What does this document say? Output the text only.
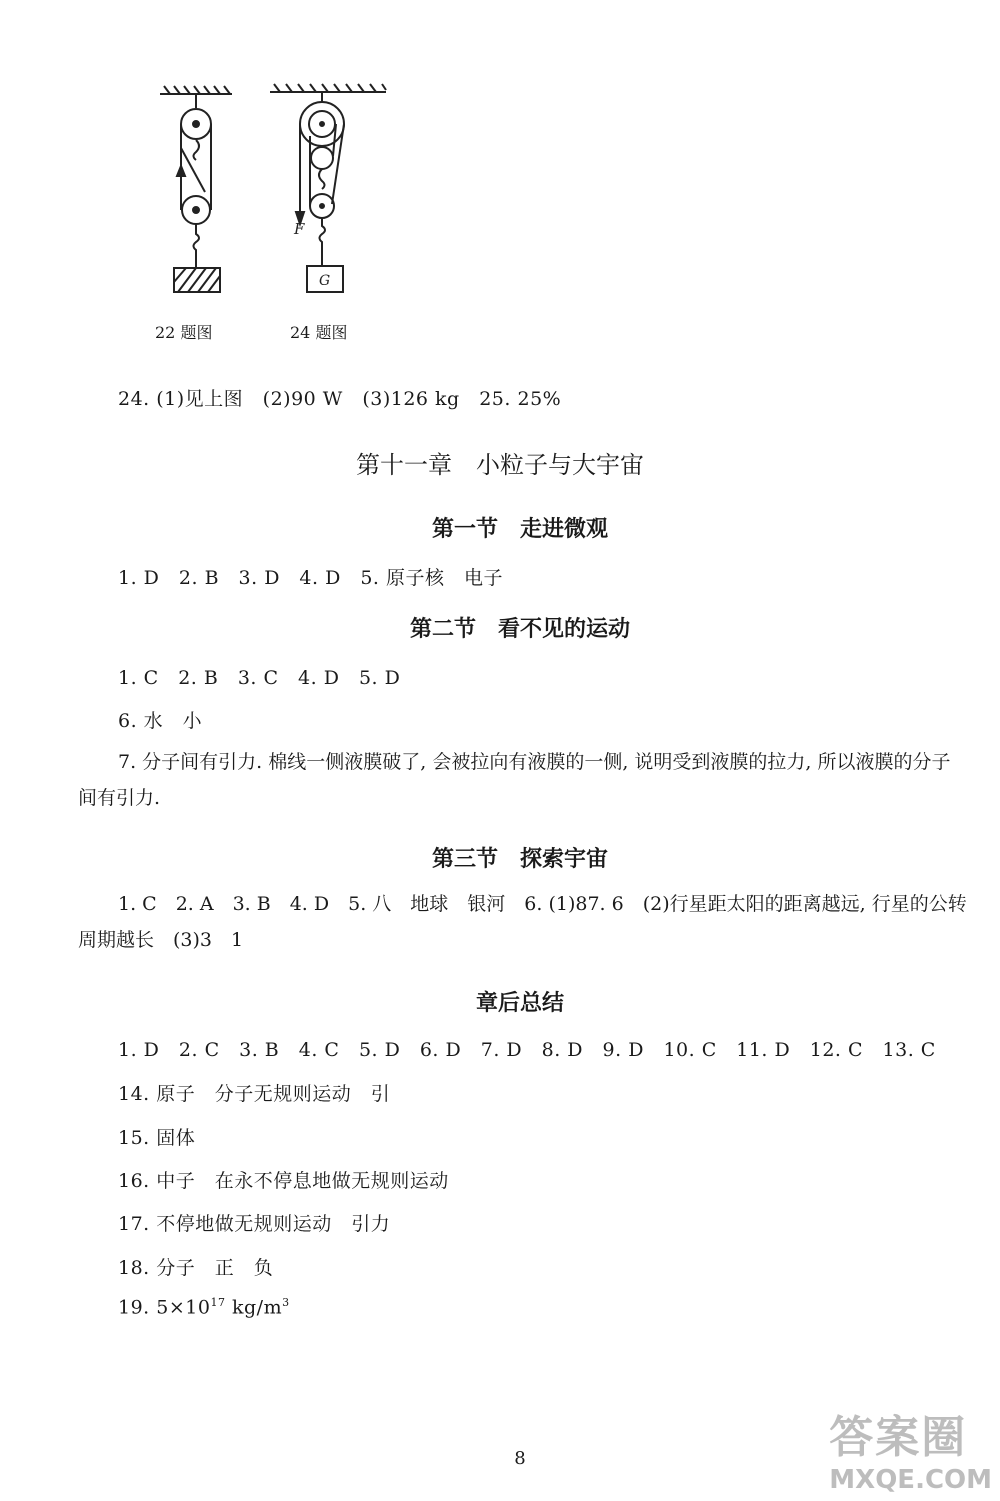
F
G
22 题图	24 题图
24. (1)见上图　(2)90 W　(3)126 kg　25. 25%
第十一章　小粒子与大宇宙
第一节　走进微观
1. D　2. B　3. D　4. D　5. 原子核　电子
第二节　看不见的运动
1. C　2. B　3. C　4. D　5. D
6. 水　小
7. 分子间有引力. 棉线一侧液膜破了, 会被拉向有液膜的一侧, 说明受到液膜的拉力, 所以液膜的分子间有引力.
第三节　探索宇宙
1. C　2. A　3. B　4. D　5. 八　地球　银河　6. (1)87. 6　(2)行星距太阳的距离越远, 行星的公转周期越长　(3)3　1
章后总结
1. D　2. C　3. B　4. C　5. D　6. D　7. D　8. D　9. D　10. C　11. D　12. C　13. C
14. 原子　分子无规则运动　引
15. 固体
16. 中子　在永不停息地做无规则运动
17. 不停地做无规则运动　引力
18. 分子　正　负
19. $5\times 10^{17}$ $kg/m^3$
8	答案圈
MXQE.COM
